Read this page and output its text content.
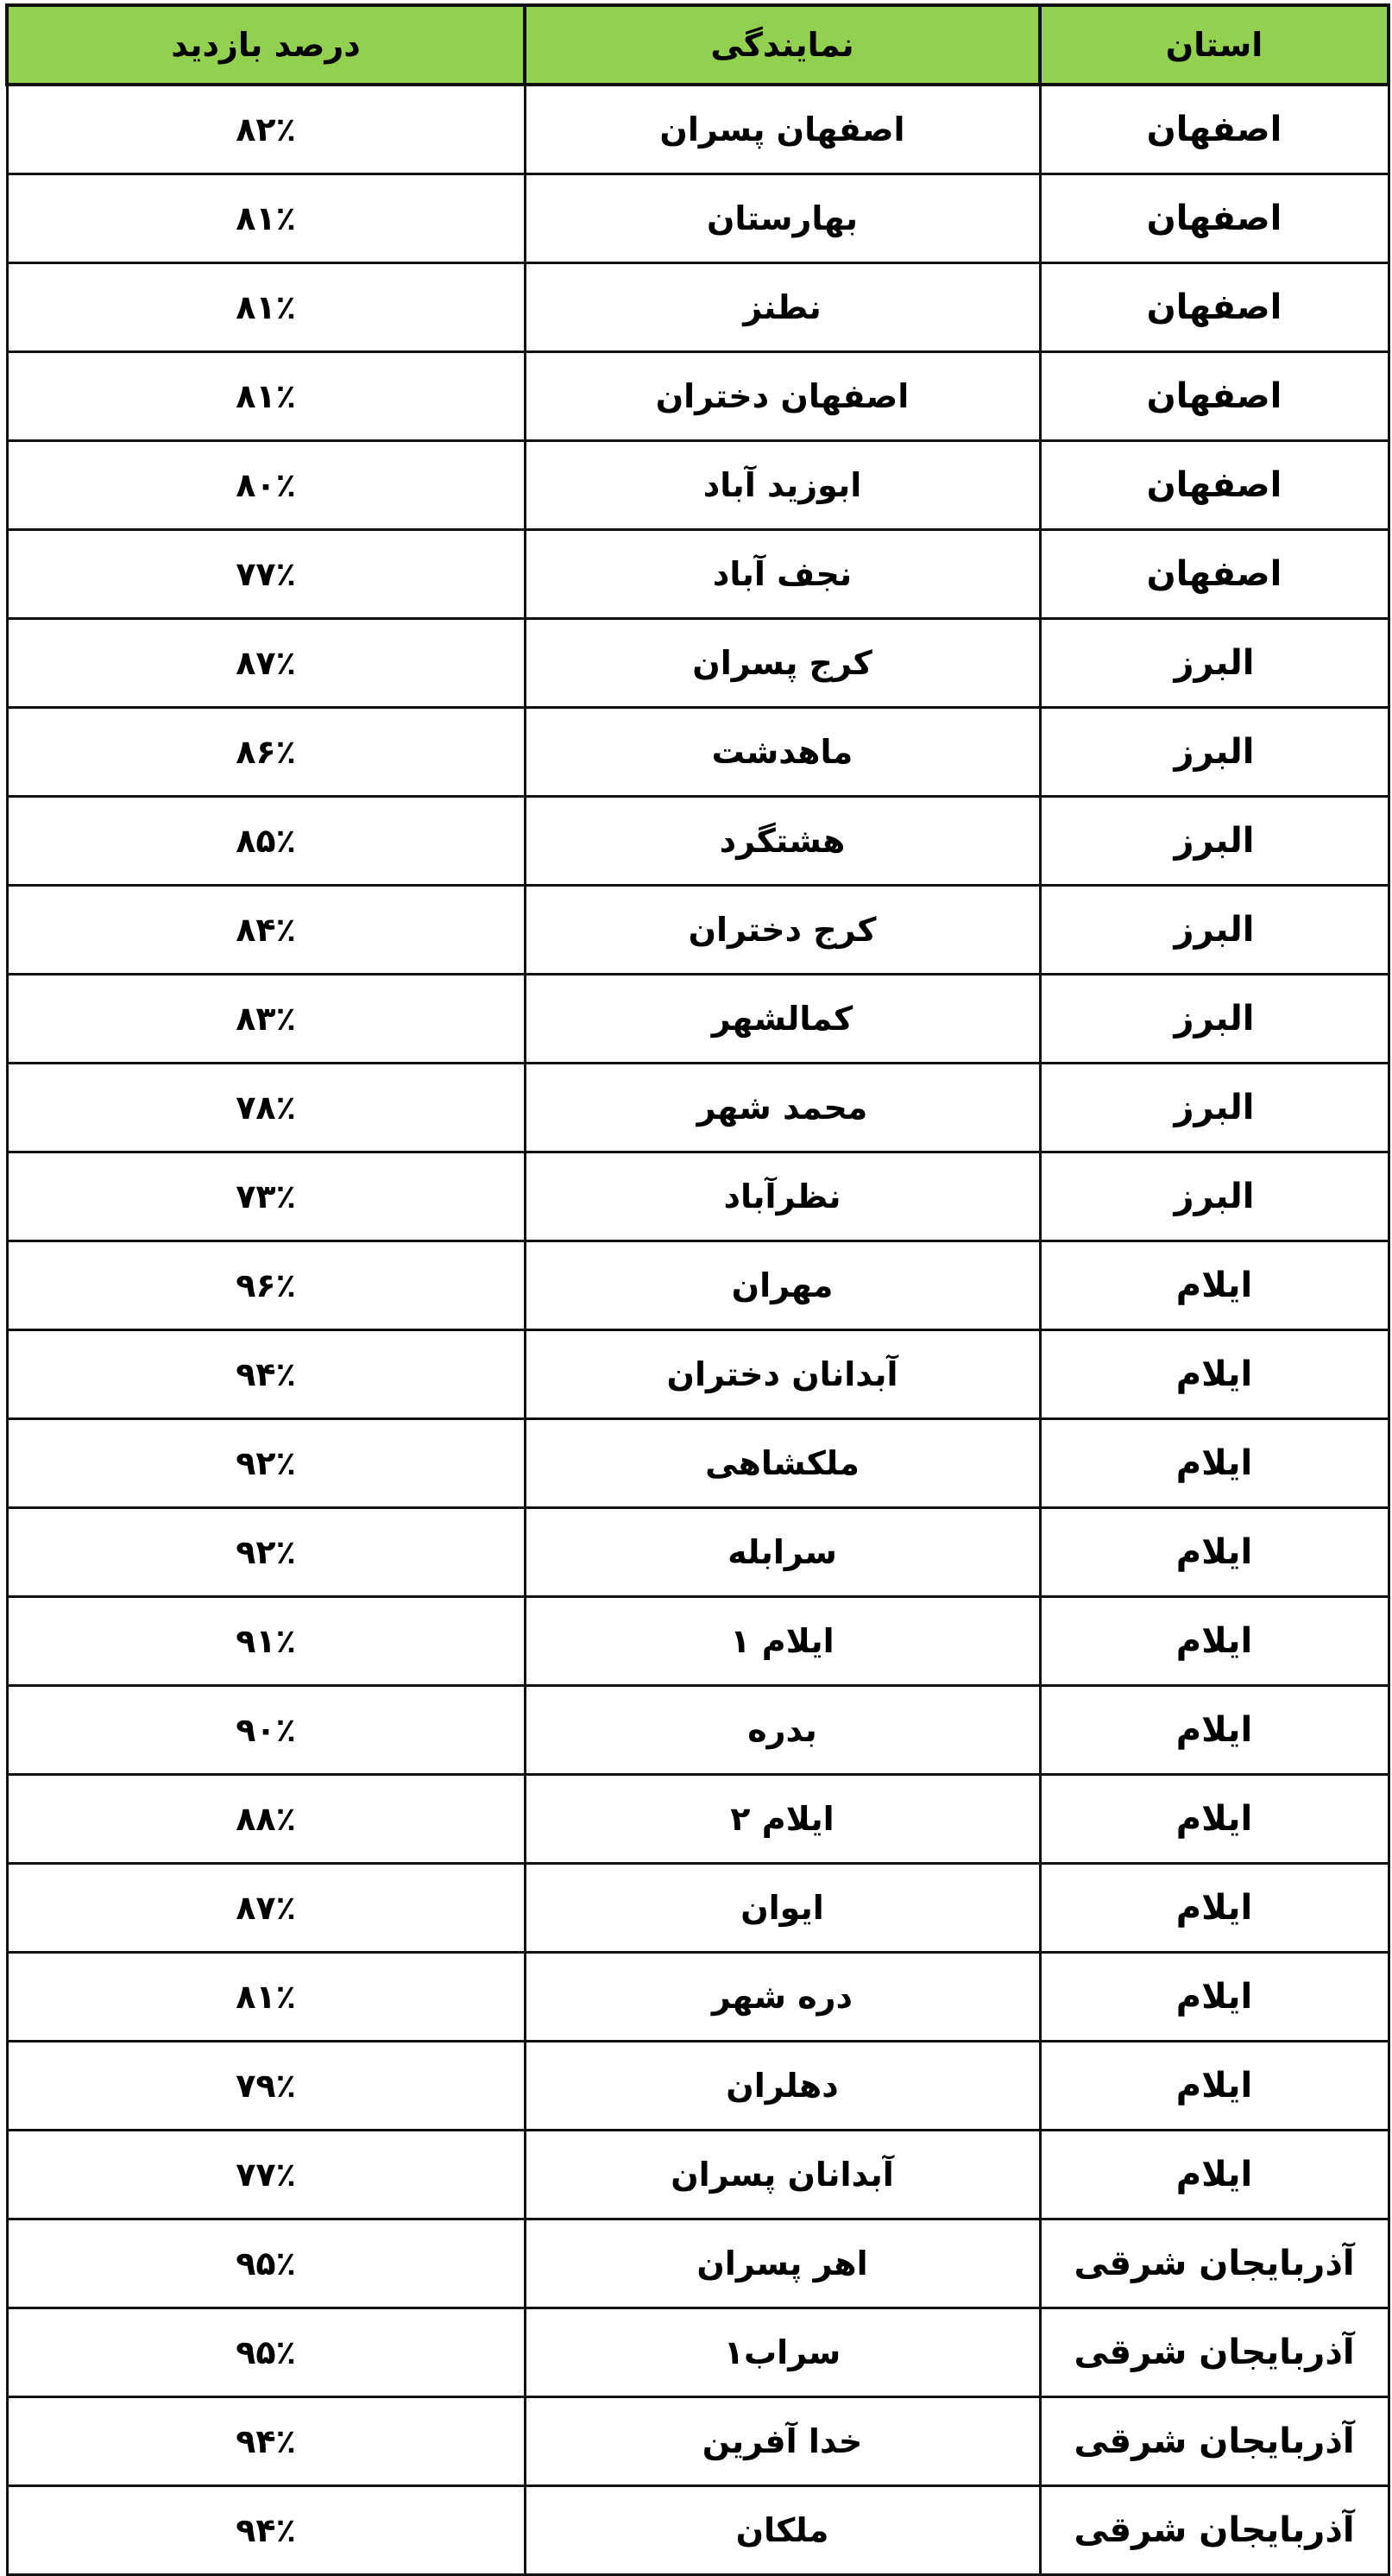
استان	نمایندگی	درصد بازدید
اصفهان	اصفهان پسران	۸۲٪
اصفهان	بهارستان	۸۱٪
اصفهان	نطنز	۸۱٪
اصفهان	اصفهان دختران	۸۱٪
اصفهان	ابوزید آباد	۸۰٪
اصفهان	نجف آباد	۷۷٪
البرز	کرج پسران	۸۷٪
البرز	ماهدشت	۸۶٪
البرز	هشتگرد	۸۵٪
البرز	کرج دختران	۸۴٪
البرز	کمالشهر	۸۳٪
البرز	محمد شهر	۷۸٪
البرز	نظرآباد	۷۳٪
ایلام	مهران	۹۶٪
ایلام	آبدانان دختران	۹۴٪
ایلام	ملکشاهی	۹۲٪
ایلام	سرابله	۹۲٪
ایلام	ایلام ۱	۹۱٪
ایلام	بدره	۹۰٪
ایلام	ایلام ۲	۸۸٪
ایلام	ایوان	۸۷٪
ایلام	دره شهر	۸۱٪
ایلام	دهلران	۷۹٪
ایلام	آبدانان پسران	۷۷٪
آذربایجان شرقی	اهر پسران	۹۵٪
آذربایجان شرقی	سراب۱	۹۵٪
آذربایجان شرقی	خدا آفرین	۹۴٪
آذربایجان شرقی	ملکان	۹۴٪
